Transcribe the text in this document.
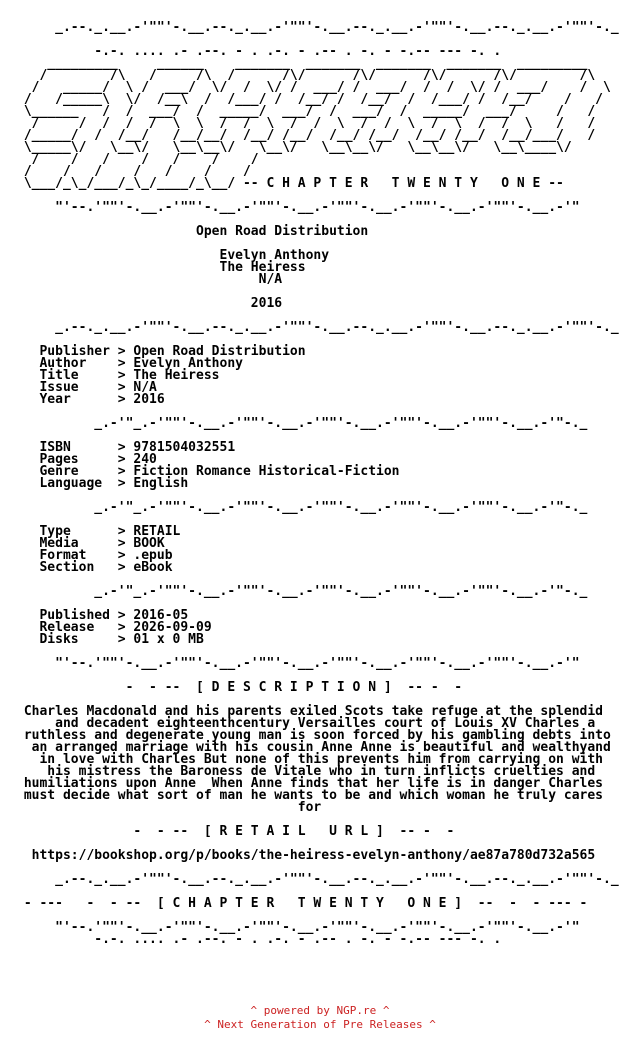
_.--._.__.-'""'-.__.--._.__.-'""'-.__.--._.__.-'""'-.__.--._.__.-'""'-._
-.-. .... .- .--. - . .-. - .-- . -. - -.-- --- -. .
_________     ______    _______  _______  _______  _______  _________
/        /\   /     /\  /      /\/      /\/      /\/      /\/        /\
/   _____/  \ /  ___/  \/  /  \/ /  ___/ /  ___/  /  /  \/ /  ___/    /  \
/   /_____\  \/  /__\  /  /___/ /  /__/ /  /__/  /  /___/ /  /__/    /   /
\______   /  /  ___/  /  _____/  ___/  /  ___/  /  _____/  ___/     /   /
/     /  /  /  /  \  \  /  /  \  /  /  \  /  /  \  /  \  /  /  \   /   /
/_____/  /  /__/   /__/__/  /__/ /__/  /__/ /__/  /__/ /__/  /__/___/   /
\_____\/   \__\/   \__\__\/   \__\/   \__\__\/   \__\__\/   \__\____\/
/    /   /    /   /    /    /
/    /   /    /   /    /    /
\___/_\_/___/_\_/____/_\__/ -- C H A P T E R   T W E N T Y   O N E --
"'--.'""'-.__.-'""'-.__.-'""'-.__.-'""'-.__.-'""'-.__.-'""'-.__.-'"
Open Road Distribution
Evelyn Anthony
The Heiress
N/A
2016
_.--._.__.-'""'-.__.--._.__.-'""'-.__.--._.__.-'""'-.__.--._.__.-'""'-._
Publisher > Open Road Distribution
Author    > Evelyn Anthony
Title     > The Heiress
Issue     > N/A
Year      > 2016
_.-'"_.-'""'-.__.-'""'-.__.-'""'-.__.-'""'-.__.-'""'-.__.-'"-._
ISBN      > 9781504032551
Pages     > 240
Genre     > Fiction Romance Historical-Fiction
Language  > English
_.-'"_.-'""'-.__.-'""'-.__.-'""'-.__.-'""'-.__.-'""'-.__.-'"-._
Type      > RETAIL
Media     > BOOK
Format    > .epub
Section   > eBook
_.-'"_.-'""'-.__.-'""'-.__.-'""'-.__.-'""'-.__.-'""'-.__.-'"-._
Published > 2016-05
Release   > 2026-09-09
Disks     > 01 x 0 MB
"'--.'""'-.__.-'""'-.__.-'""'-.__.-'""'-.__.-'""'-.__.-'""'-.__.-'"
-  - --  [ D E S C R I P T I O N ]  -- -  -
Charles Macdonald and his parents exiled Scots take refuge at the splendid
and decadent eighteenthcentury Versailles court of Louis XV Charles a
ruthless and degenerate young man is soon forced by his gambling debts into
an arranged marriage with his cousin Anne Anne is beautiful and wealthyand
in love with Charles But none of this prevents him from carrying on with
his mistress the Baroness de Vitale who in turn inflicts cruelties and
humiliations upon Anne  When Anne finds that her life is in danger Charles
must decide what sort of man he wants to be and which woman he truly cares
for
-  - --  [ R E T A I L   U R L ]  -- -  -
https://bookshop.org/p/books/the-heiress-evelyn-anthony/ae87a780d732a565
_.--._.__.-'""'-.__.--._.__.-'""'-.__.--._.__.-'""'-.__.--._.__.-'""'-._
- ---   -  - --  [ C H A P T E R   T W E N T Y   O N E ]  --  -  - --- -
"'--.'""'-.__.-'""'-.__.-'""'-.__.-'""'-.__.-'""'-.__.-'""'-.__.-'"
-.-. .... .- .--. - . .-. - .-- . -. - -.-- --- -. .
^ powered by NGP.re ^
^ Next Generation of Pre Releases ^
